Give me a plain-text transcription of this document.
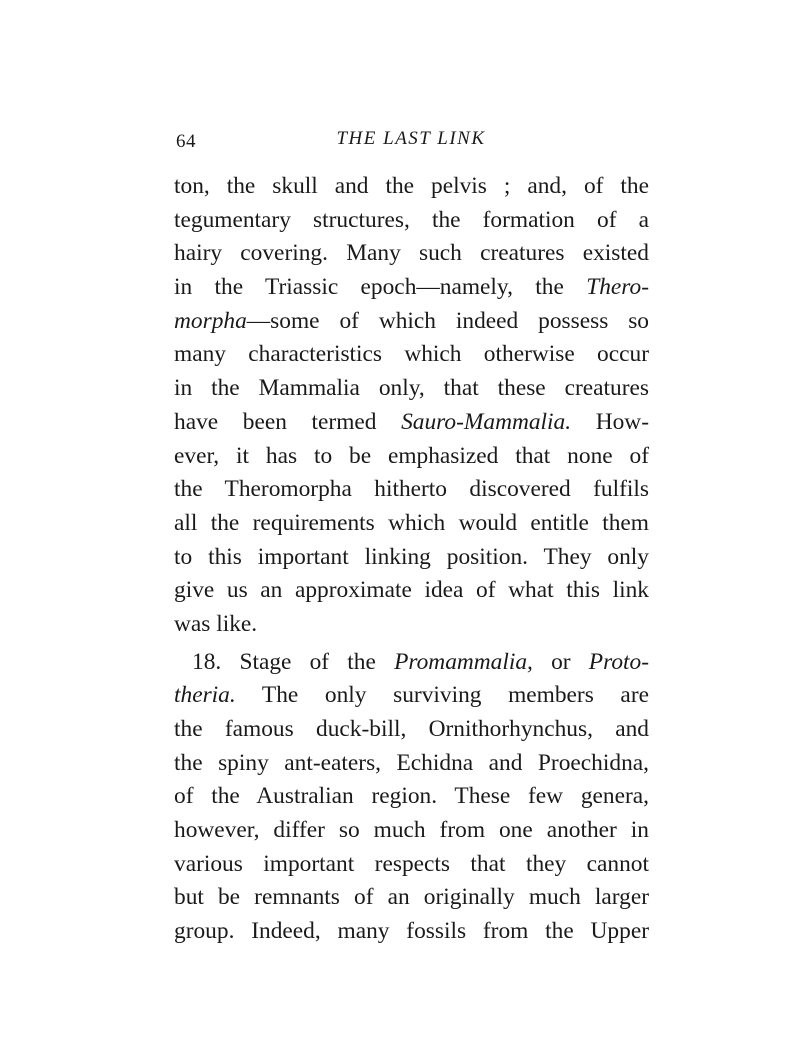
64	THE LAST LINK
ton, the skull and the pelvis ; and, of the
tegumentary structures, the formation of a
hairy covering. Many such creatures existed
in the Triassic epoch—namely, the Thero-
morpha—some of which indeed possess so
many characteristics which otherwise occur
in the Mammalia only, that these creatures
have been termed Sauro-Mammalia. How-
ever, it has to be emphasized that none of
the Theromorpha hitherto discovered fulfils
all the requirements which would entitle them
to this important linking position. They only
give us an approximate idea of what this link
was like.
18. Stage of the Promammalia, or Proto-
theria. The only surviving members are
the famous duck-bill, Ornithorhynchus, and
the spiny ant-eaters, Echidna and Proechidna,
of the Australian region. These few genera,
however, differ so much from one another in
various important respects that they cannot
but be remnants of an originally much larger
group. Indeed, many fossils from the Upper
